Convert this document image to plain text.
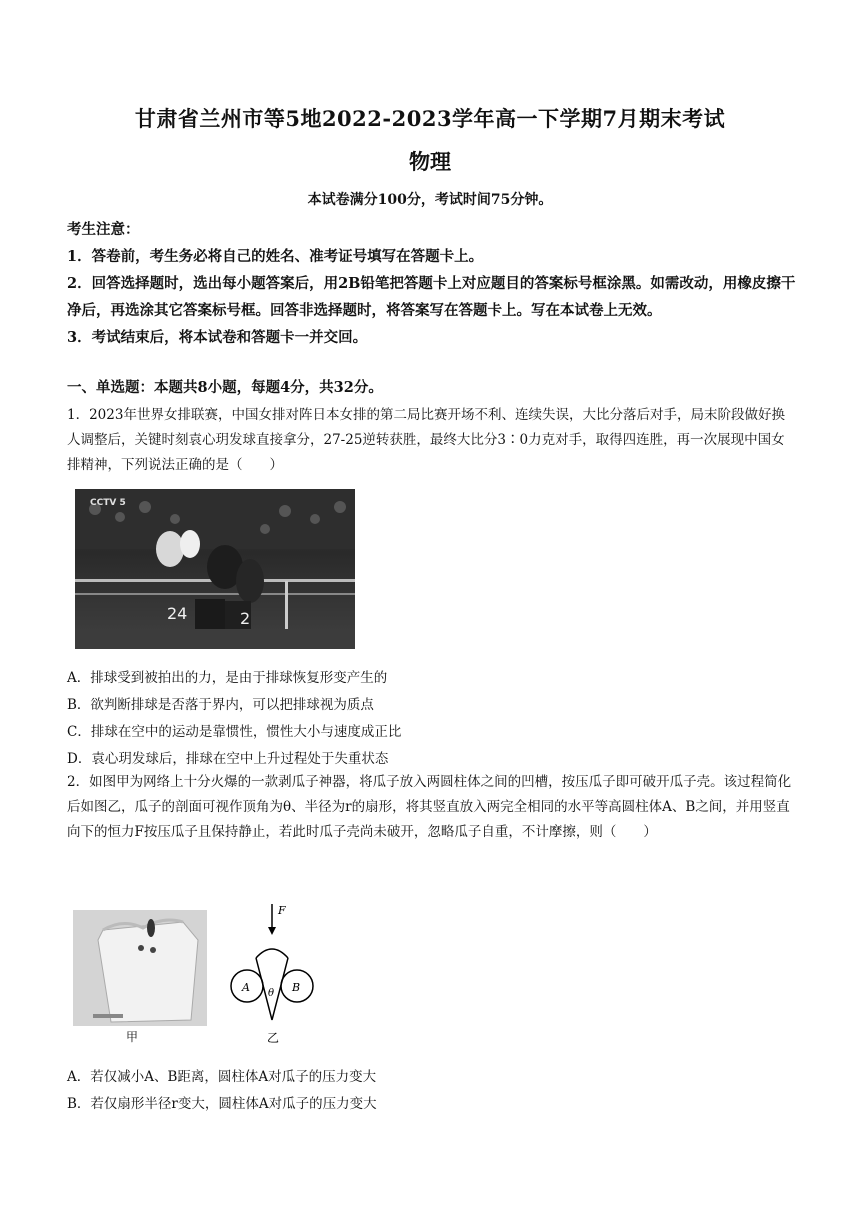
甘肃省兰州市等5地2022-2023学年高一下学期7月期末考试
物理
本试卷满分100分，考试时间75分钟。

考生注意：

1．答卷前，考生务必将自己的姓名、准考证号填写在答题卡上。

2．回答选择题时，选出每小题答案后，用2B铅笔把答题卡上对应题目的答案标号框涂黑。如需改动，用橡皮擦干净后，再选涂其它答案标号框。回答非选择题时，将答案写在答题卡上。写在本试卷上无效。

3．考试结束后，将本试卷和答题卡一并交回。

一、单选题：本题共8小题，每题4分，共32分。

1．2023年世界女排联赛，中国女排对阵日本女排的第二局比赛开场不利、连续失误，大比分落后对手，局末阶段做好换人调整后，关键时刻袁心玥发球直接拿分，27-25逆转获胜，最终大比分3∶0力克对手，取得四连胜，再一次展现中国女排精神，下列说法正确的是（　　）

CCTV 5
24	2
A．排球受到被拍出的力，是由于排球恢复形变产生的
B．欲判断排球是否落于界内，可以把排球视为质点
C．排球在空中的运动是靠惯性，惯性大小与速度成正比
D．袁心玥发球后，排球在空中上升过程处于失重状态

2．如图甲为网络上十分火爆的一款剥瓜子神器，将瓜子放入两圆柱体之间的凹槽，按压瓜子即可破开瓜子壳。该过程简化后如图乙，瓜子的剖面可视作顶角为θ、半径为r的扇形，将其竖直放入两完全相同的水平等高圆柱体A、B之间，并用竖直向下的恒力F按压瓜子且保持静止，若此时瓜子壳尚未破开，忽略瓜子自重，不计摩擦，则（　　）

甲
F
A	B
θ
乙
A．若仅减小A、B距离，圆柱体A对瓜子的压力变大
B．若仅扇形半径r变大，圆柱体A对瓜子的压力变大
